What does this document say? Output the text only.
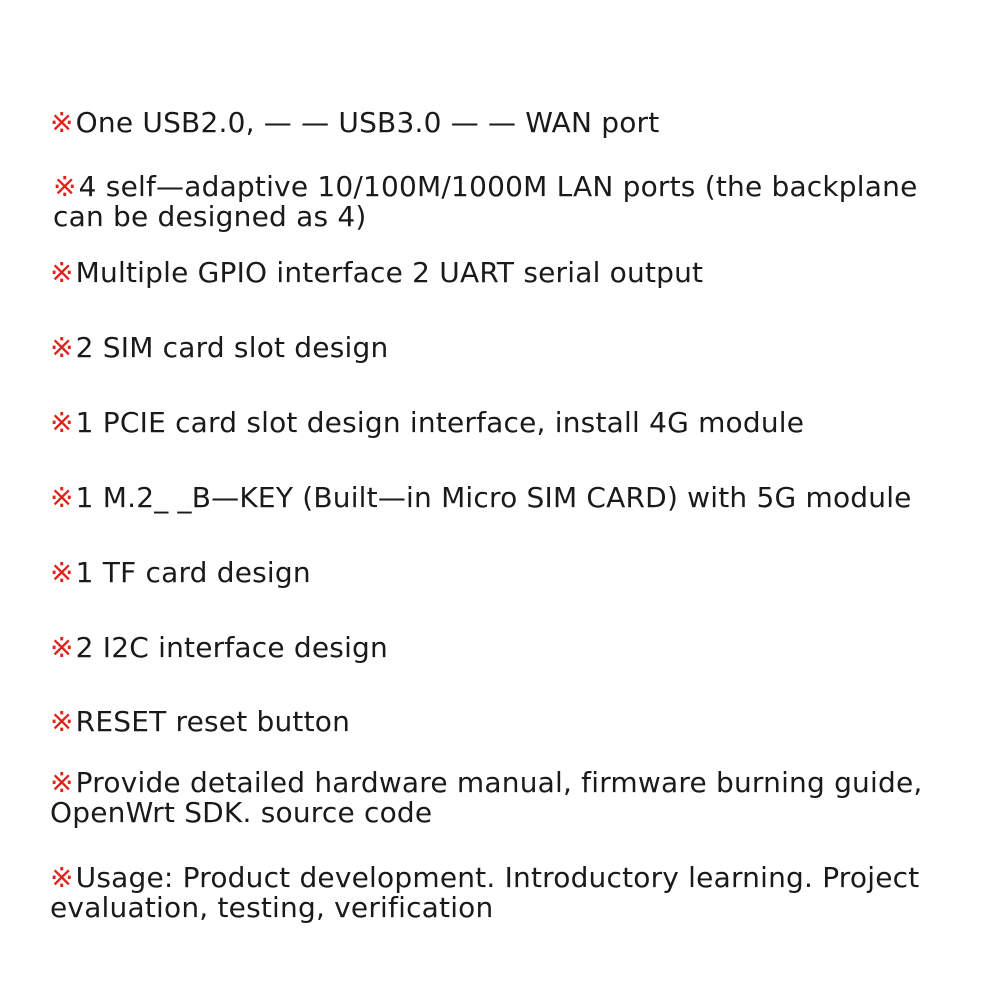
※One USB2.0, — — USB3.0 — — WAN port
※4 self—adaptive 10/100M/1000M LAN ports (the backplane can be designed as 4)
※Multiple GPIO interface 2 UART serial output
※2 SIM card slot design
※1 PCIE card slot design interface, install 4G module
※1 M.2_ _B—KEY (Built—in Micro SIM CARD) with 5G module
※1 TF card design
※2 I2C interface design
※RESET reset button
※Provide detailed hardware manual, firmware burning guide, OpenWrt SDK. source code
※Usage: Product development. Introductory learning. Project evaluation, testing, verification
